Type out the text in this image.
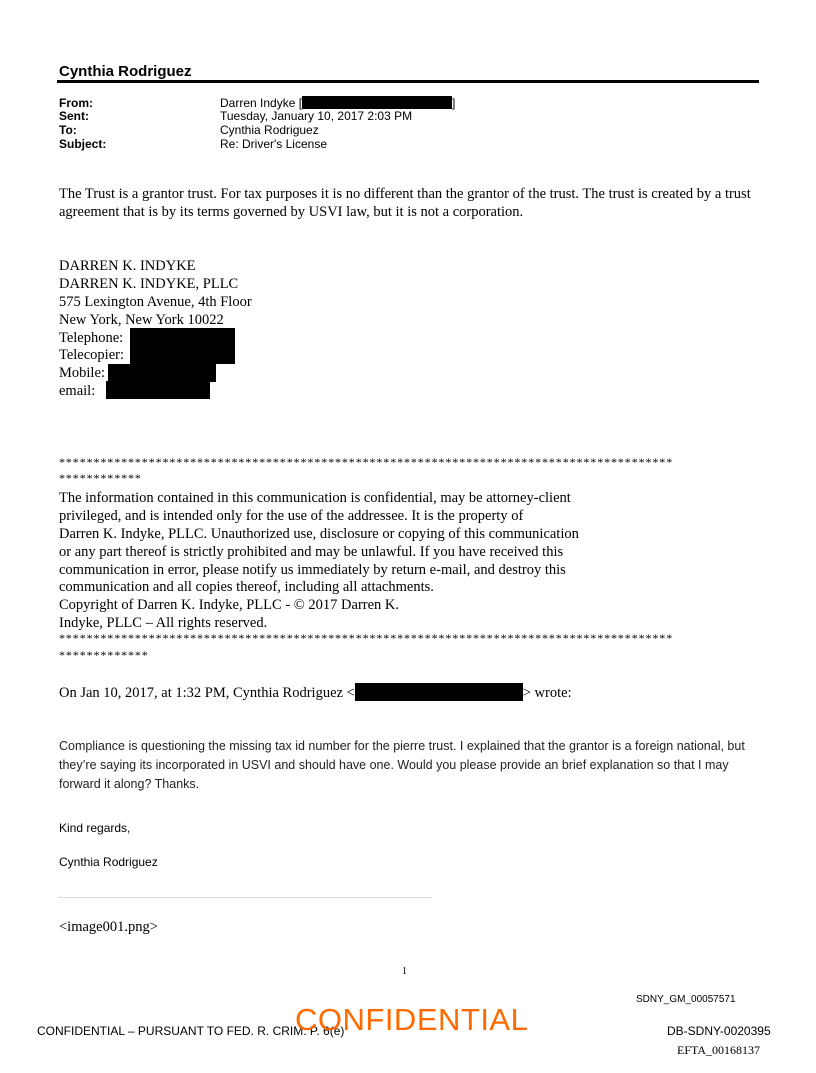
Cynthia Rodriguez
From:	Darren Indyke [	]
Sent:	Tuesday, January 10, 2017 2:03 PM
To:	Cynthia Rodriguez
Subject:	Re: Driver's License
The Trust is a grantor trust. For tax purposes it is no different than the grantor of the trust. The trust is created by a trust agreement that is by its terms governed by USVI law, but it is not a corporation.
DARREN K. INDYKE
DARREN K. INDYKE, PLLC
575 Lexington Avenue, 4th Floor
New York, New York 10022
Telephone:
Telecopier:
Mobile:
email:
*****************************************************************************************
************
The information contained in this communication is confidential, may be attorney-client
privileged, and is intended only for the use of the addressee. It is the property of
Darren K. Indyke, PLLC. Unauthorized use, disclosure or copying of this communication
or any part thereof is strictly prohibited and may be unlawful. If you have received this
communication in error, please notify us immediately by return e-mail, and destroy this
communication and all copies thereof, including all attachments.
Copyright of Darren K. Indyke, PLLC - © 2017 Darren K.
Indyke, PLLC – All rights reserved.
*****************************************************************************************
*************
On Jan 10, 2017, at 1:32 PM, Cynthia Rodriguez <	> wrote:
Compliance is questioning the missing tax id number for the pierre trust. I explained that the grantor is a foreign national, but they’re saying its incorporated in USVI and should have one. Would you please provide an brief explanation so that I may forward it along? Thanks.
Kind regards,
Cynthia Rodriguez
<image001.png>
1
SDNY_GM_00057571
CONFIDENTIAL – PURSUANT TO FED. R. CRIM. P. 6(e)
CONFIDENTIAL	DB-SDNY-0020395
EFTA_00168137
